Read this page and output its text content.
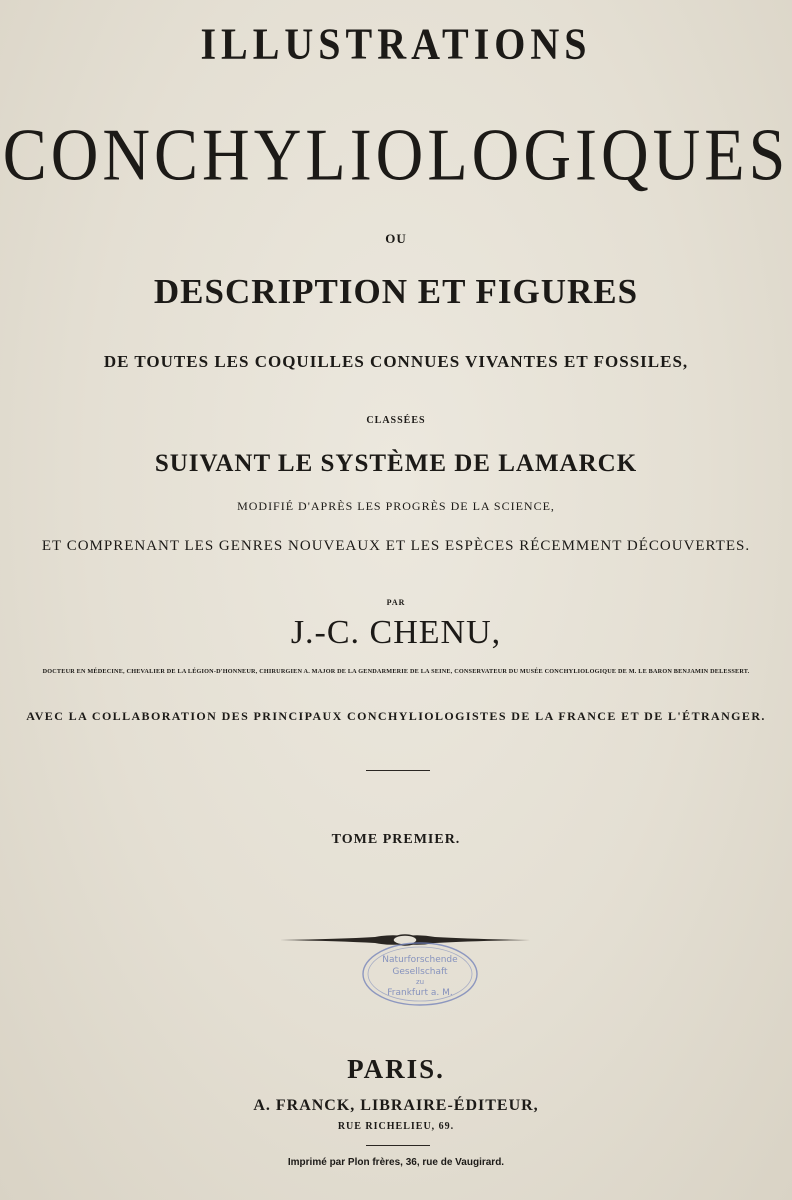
ILLUSTRATIONS
CONCHYLIOLOGIQUES
OU
DESCRIPTION ET FIGURES
DE TOUTES LES COQUILLES CONNUES VIVANTES ET FOSSILES,
CLASSÉES
SUIVANT LE SYSTÈME DE LAMARCK
MODIFIÉ D'APRÈS LES PROGRÈS DE LA SCIENCE,
ET COMPRENANT LES GENRES NOUVEAUX ET LES ESPÈCES RÉCEMMENT DÉCOUVERTES.
PAR
J.-C. CHENU,
DOCTEUR EN MÉDECINE, CHEVALIER DE LA LÉGION-D'HONNEUR, CHIRURGIEN A. MAJOR DE LA GENDARMERIE DE LA SEINE, CONSERVATEUR DU MUSÉE CONCHYLIOLOGIQUE DE M. LE BARON BENJAMIN DELESSERT.
AVEC LA COLLABORATION DES PRINCIPAUX CONCHYLIOLOGISTES DE LA FRANCE ET DE L'ÉTRANGER.
TOME PREMIER.
Naturforschende
Gesellschaft
zu
Frankfurt a. M.
PARIS.
A. FRANCK, LIBRAIRE-ÉDITEUR,
RUE RICHELIEU, 69.
Imprimé par Plon frères, 36, rue de Vaugirard.
